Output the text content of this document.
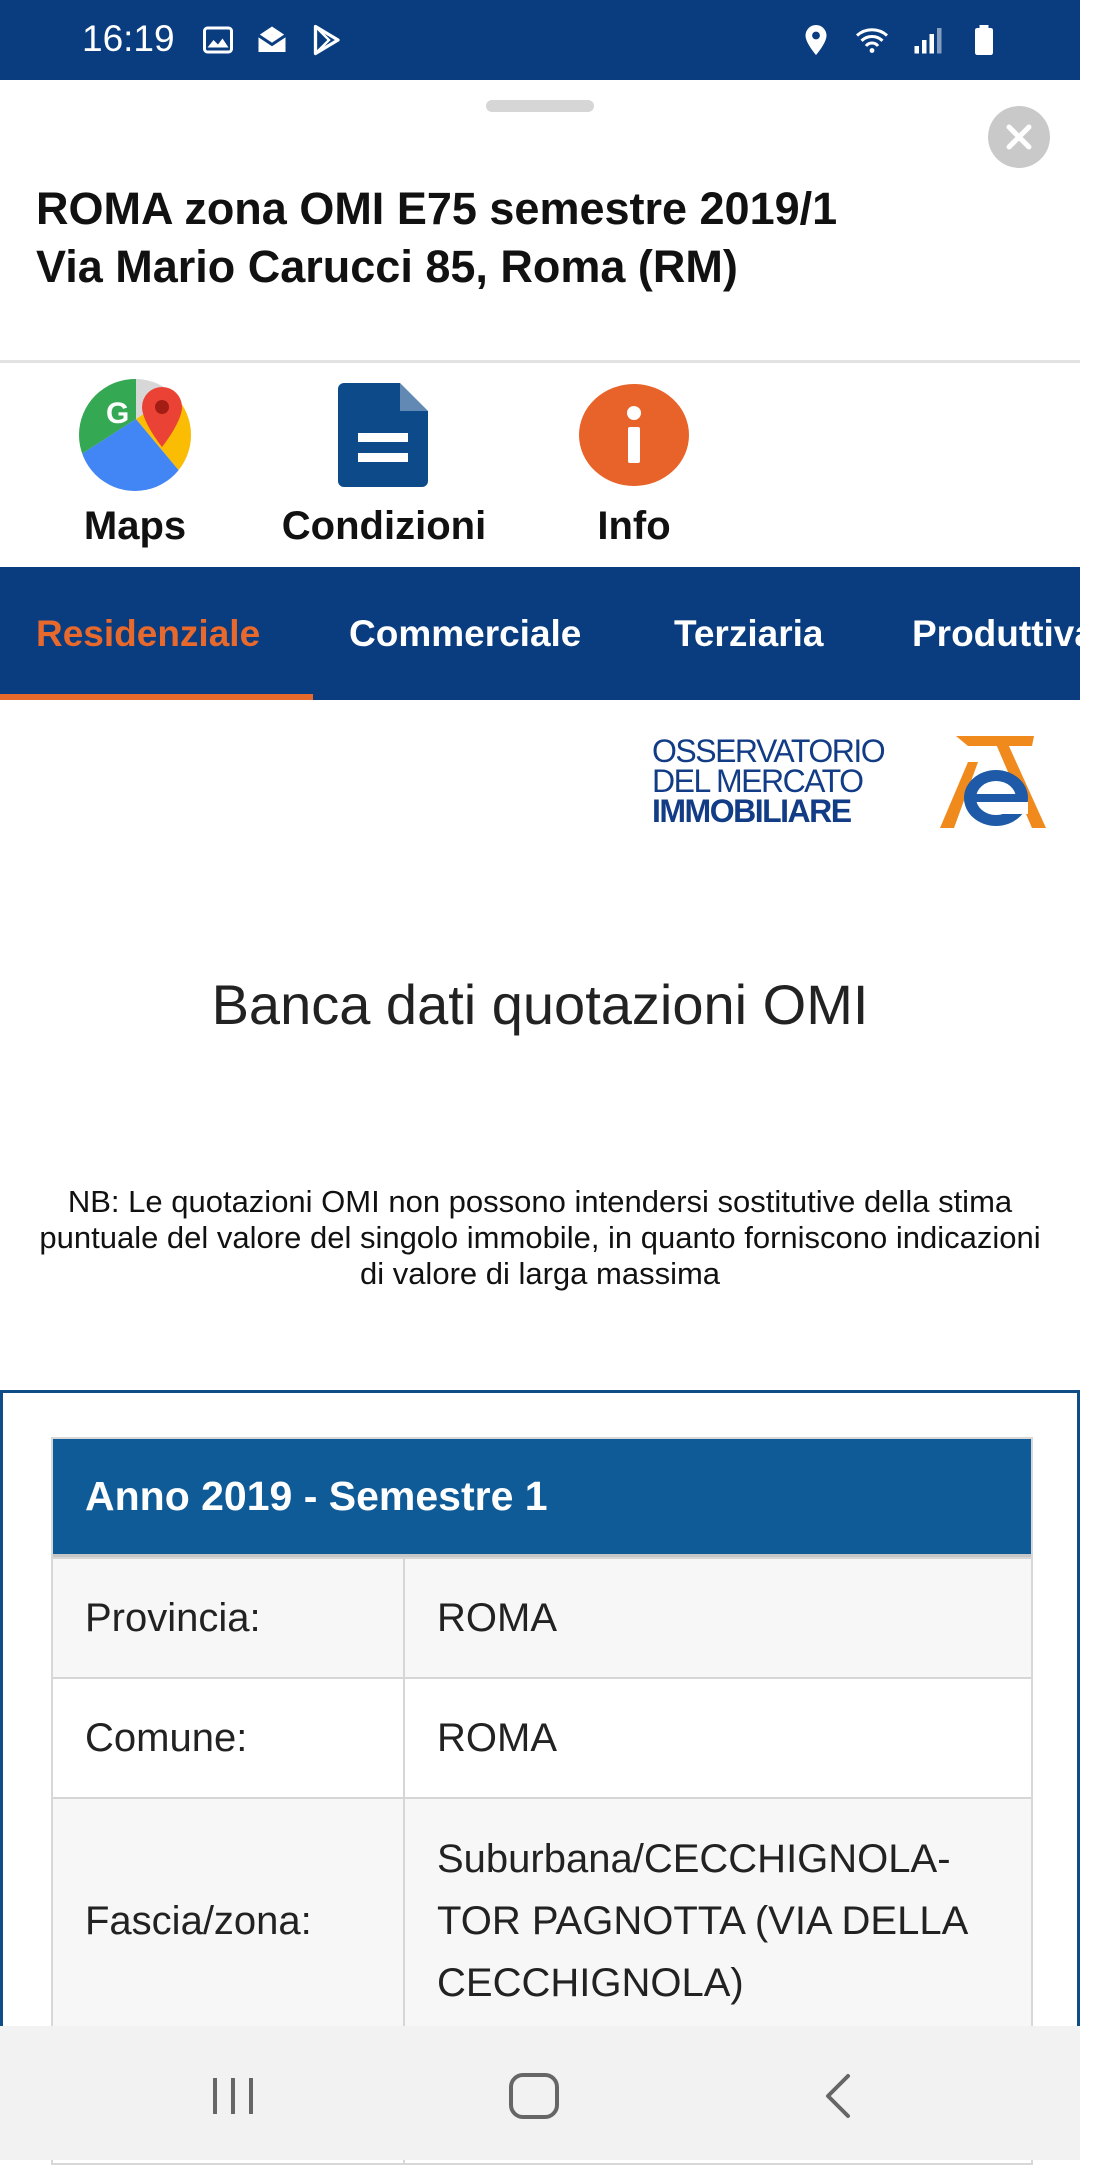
16:19
ROMA zona OMI E75 semestre 2019/1
Via Mario Carucci 85, Roma (RM)
G
Maps Condizioni	Info
Residenziale Commerciale	Terziaria Produttiva
OSSERVATORIO
DEL MERCATO
IMMOBILIARE
Banca dati quotazioni OMI
NB: Le quotazioni OMI non possono intendersi sostitutive della stima puntuale del valore del singolo immobile, in quanto forniscono indicazioni di valore di larga massima
Anno 2019 - Semestre 1
Provincia:	ROMA
Comune:	ROMA
Fascia/zona:
Suburbana/CECCHIGNOLA-TOR PAGNOTTA (VIA DELLA CECCHIGNOLA)
